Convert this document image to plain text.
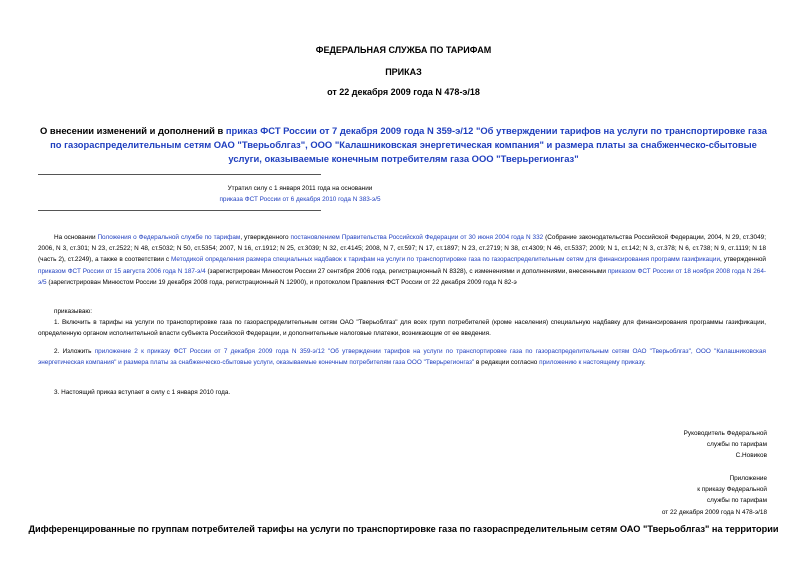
ФЕДЕРАЛЬНАЯ СЛУЖБА ПО ТАРИФАМ
ПРИКАЗ
от 22 декабря 2009 года N 478-э/18
О внесении изменений и дополнений в приказ ФСТ России от 7 декабря 2009 года N 359-э/12 "Об утверждении тарифов на услуги по транспортировке газа по газораспределительным сетям ОАО "Тверьоблгаз", ООО "Калашниковская энергетическая компания" и размера платы за снабженческо-сбытовые услуги, оказываемые конечным потребителям газа ООО "Тверьрегионгаз"
Утратил силу с 1 января 2011 года на основании
приказа ФСТ России от 6 декабря 2010 года N 383-э/5
На основании Положения о Федеральной службе по тарифам, утвержденного постановлением Правительства Российской Федерации от 30 июня 2004 года N 332 (Собрание законодательства Российской Федерации, 2004, N 29, ст.3049; 2006, N 3, ст.301; N 23, ст.2522; N 48, ст.5032; N 50, ст.5354; 2007, N 16, ст.1912; N 25, ст.3039; N 32, ст.4145; 2008, N 7, ст.597; N 17, ст.1897; N 23, ст.2719; N 38, ст.4309; N 46, ст.5337; 2009; N 1, ст.142; N 3, ст.378; N 6, ст.738; N 9, ст.1119; N 18 (часть 2), ст.2249), а также в соответствии с Методикой определения размера специальных надбавок к тарифам на услуги по транспортировке газа по газораспределительным сетям для финансирования программ газификации, утвержденной приказом ФСТ России от 15 августа 2006 года N 187-э/4 (зарегистрирован Минюстом России 27 сентября 2006 года, регистрационный N 8328), с изменениями и дополнениями, внесенными приказом ФСТ России от 18 ноября 2008 года N 264-э/5 (зарегистрирован Минюстом России 19 декабря 2008 года, регистрационный N 12900), и протоколом Правления ФСТ России от 22 декабря 2009 года N 82-э
приказываю:
1. Включить в тарифы на услуги по транспортировке газа по газораспределительным сетям ОАО "Тверьоблгаз" для всех групп потребителей (кроме населения) специальную надбавку для финансирования программы газификации, определенную органом исполнительной власти субъекта Российской Федерации, и дополнительные налоговые платежи, возникающие от ее введения.
2. Изложить приложение 2 к приказу ФСТ России от 7 декабря 2009 года N 359-э/12 "Об утверждении тарифов на услуги по транспортировке газа по газораспределительным сетям ОАО "Тверьоблгаз", ООО "Калашниковская энергетическая компания" и размера платы за снабженческо-сбытовые услуги, оказываемые конечным потребителям газа ООО "Тверьрегионгаз" в редакции согласно приложению к настоящему приказу.
3. Настоящий приказ вступает в силу с 1 января 2010 года.
Руководитель Федеральной
службы по тарифам
С.Новиков
Приложение
к приказу Федеральной
службы по тарифам
от 22 декабря 2009 года N 478-э/18
Дифференцированные по группам потребителей тарифы на услуги по транспортировке газа по газораспределительным сетям ОАО "Тверьоблгаз" на территории
